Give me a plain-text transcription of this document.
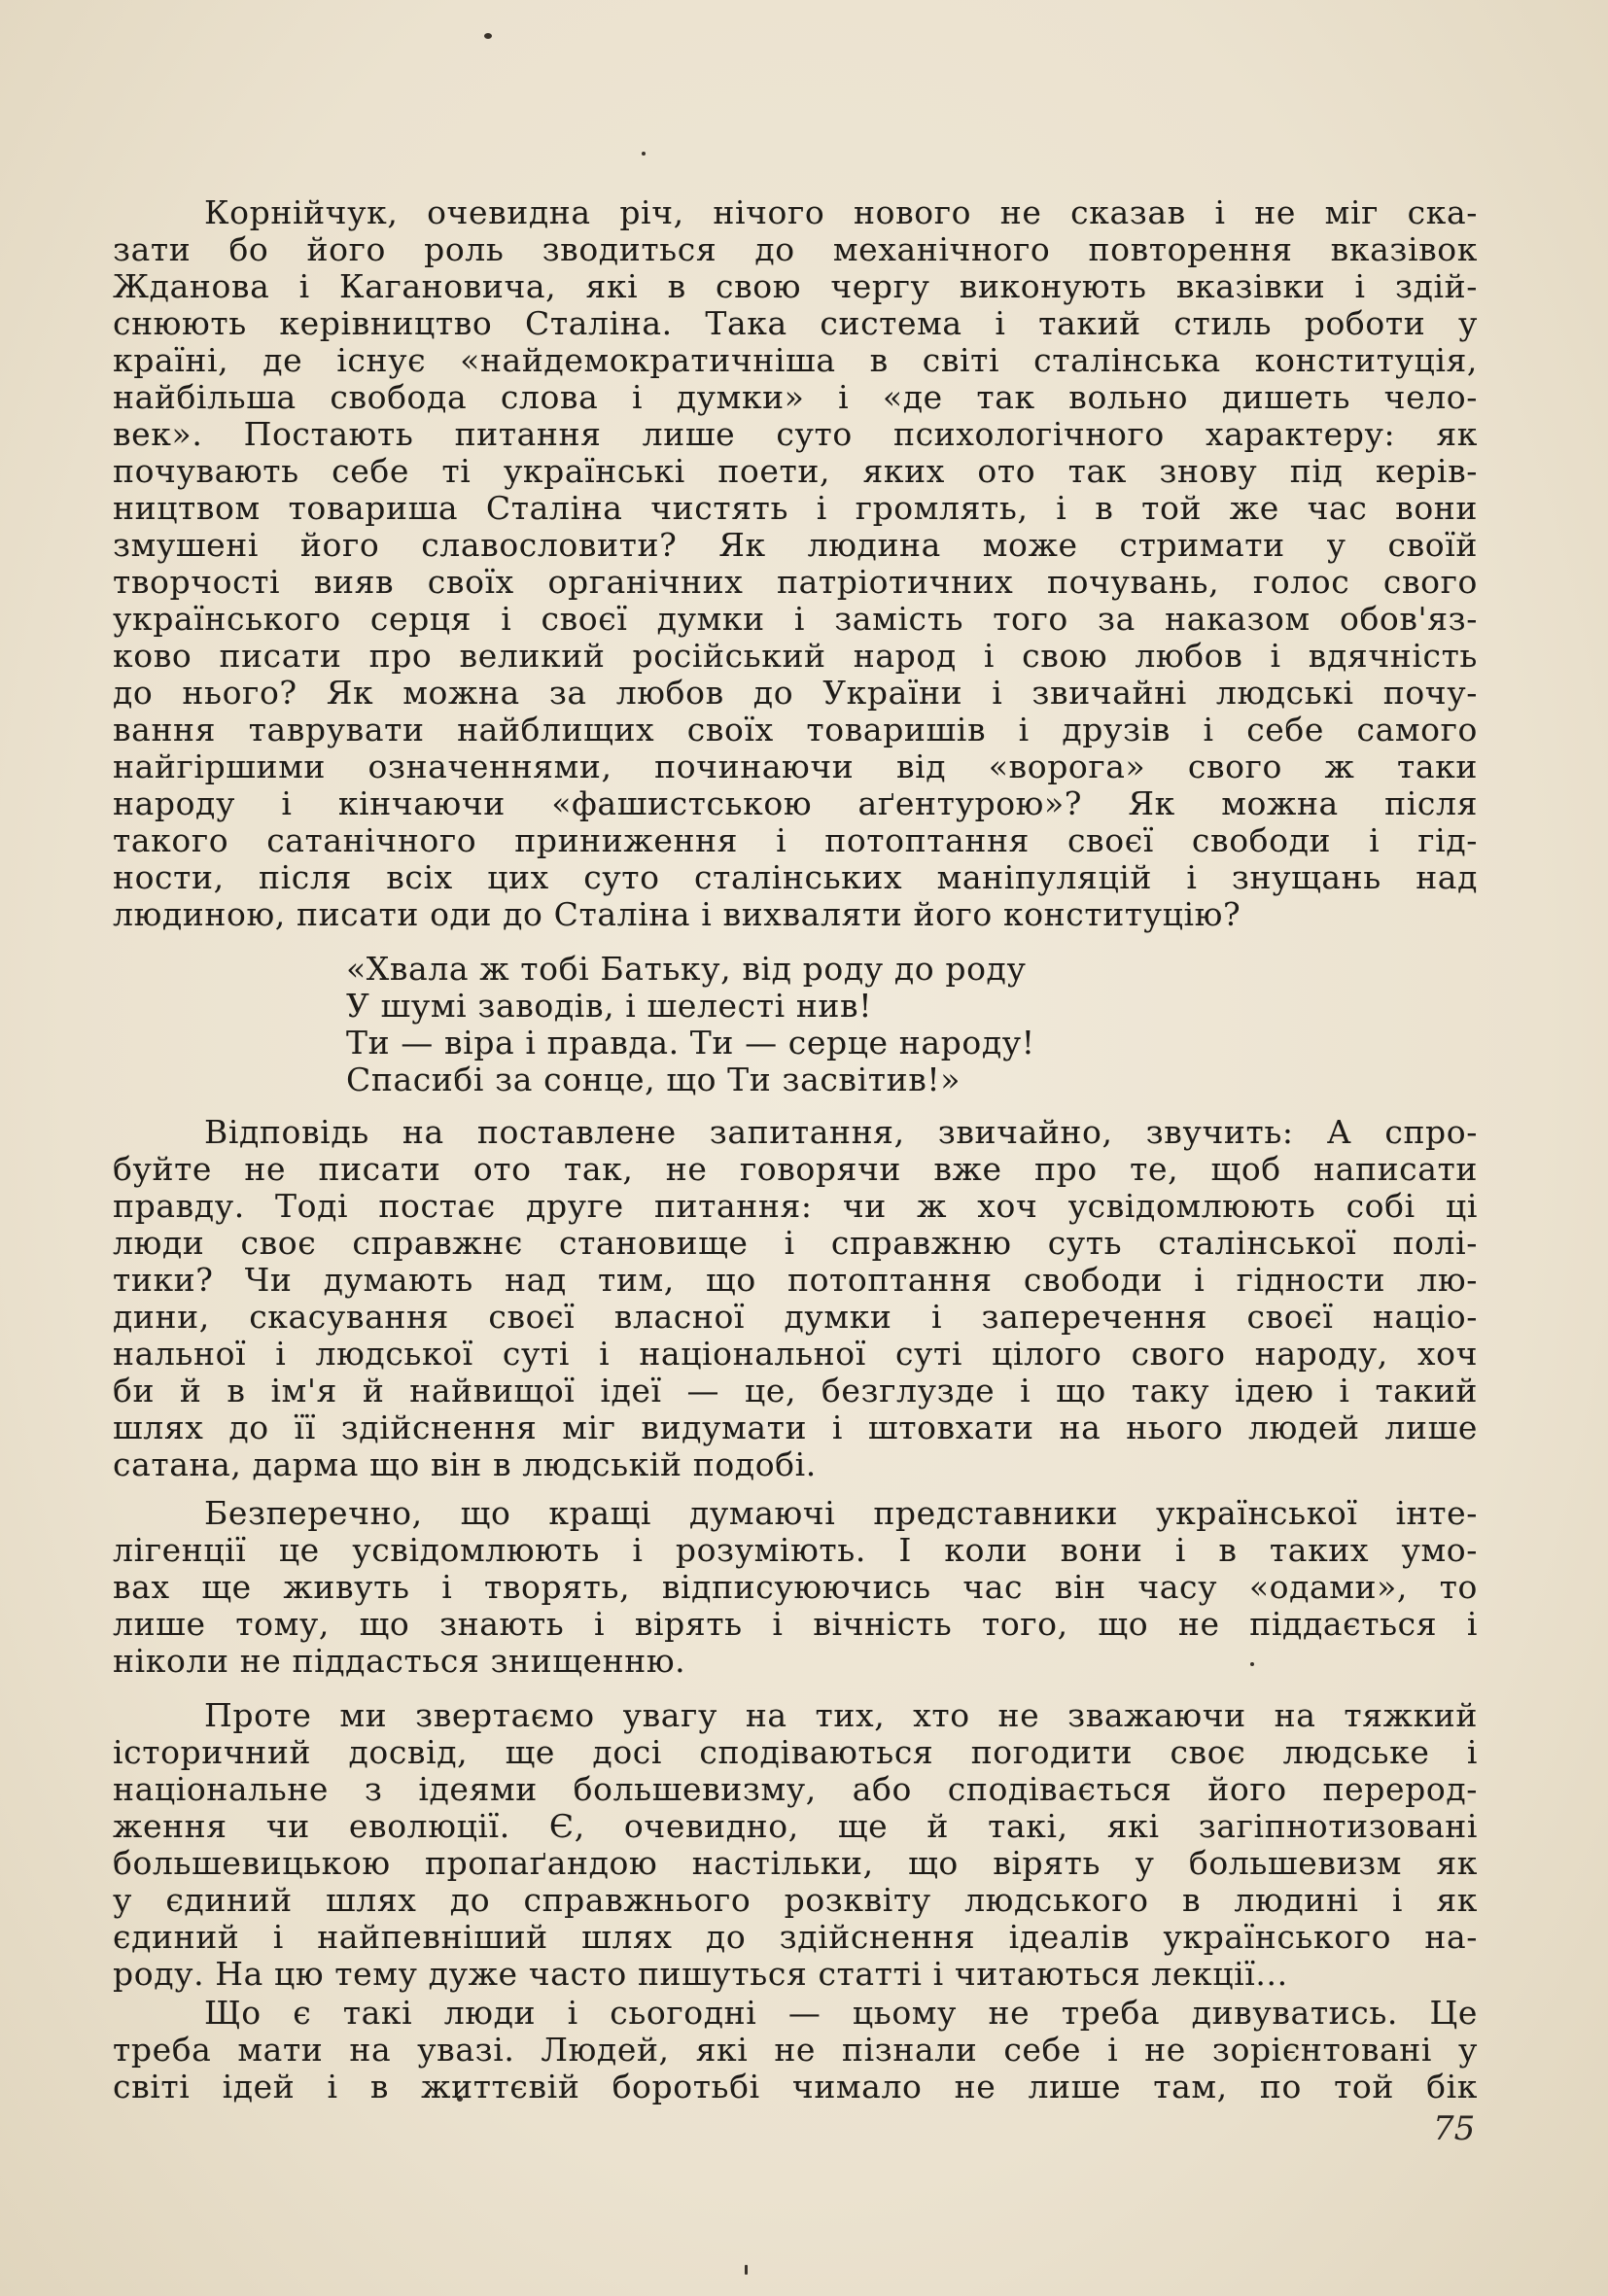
Корнійчук, очевидна річ, нічого нового не сказав і не міг ска-
зати бо його роль зводиться до механічного повторення вказівок
Жданова і Кагановича, які в свою чергу виконують вказівки і здій-
снюють керівництво Сталіна. Така система і такий стиль роботи у
країні, де існує «найдемократичніша в світі сталінська конституція,
найбільша свобода слова і думки» і «де так вольно дишеть чело-
век». Постають питання лише суто психологічного характеру: як
почувають себе ті українські поети, яких ото так знову під керів-
ництвом товариша Сталіна чистять і громлять, і в той же час вони
змушені його славословити? Як людина може стримати у своїй
творчості вияв своїх органічних патріотичних почувань, голос свого
українського серця і своєї думки і замість того за наказом обов'яз-
ково писати про великий російський народ і свою любов і вдячність
до нього? Як можна за любов до України і звичайні людські почу-
вання таврувати найблищих своїх товаришів і друзів і себе самого
найгіршими означеннями, починаючи від «ворога» свого ж таки
народу і кінчаючи «фашистською аґентурою»? Як можна після
такого сатанічного приниження і потоптання своєї свободи і гід-
ности, після всіх цих суто сталінських маніпуляцій і знущань над
людиною, писати оди до Сталіна і вихваляти його конституцію?

«Хвала ж тобі Батьку, від роду до роду
У шумі заводів, і шелесті нив!
Ти — віра і правда. Ти — серце народу!
Спасибі за сонце, що Ти засвітив!»

Відповідь на поставлене запитання, звичайно, звучить: А спро-
буйте не писати ото так, не говорячи вже про те, щоб написати
правду. Тоді постає друге питання: чи ж хоч усвідомлюють собі ці
люди своє справжнє становище і справжню суть сталінської полі-
тики? Чи думають над тим, що потоптання свободи і гідности лю-
дини, скасування своєї власної думки і заперечення своєї націо-
нальної і людської суті і національної суті цілого свого народу, хоч
би й в ім'я й найвищої ідеї — це, безглузде і що таку ідею і такий
шлях до її здійснення міг видумати і штовхати на нього людей лише
сатана, дарма що він в людській подобі.

Безперечно, що кращі думаючі представники української інте-
лігенції це усвідомлюють і розуміють. І коли вони і в таких умо-
вах ще живуть і творять, відписуюючись час він часу «одами», то
лише тому, що знають і вірять і вічність того, що не піддається і
ніколи не піддасться знищенню.

Проте ми звертаємо увагу на тих, хто не зважаючи на тяжкий
історичний досвід, ще досі сподіваються погодити своє людське і
національне з ідеями большевизму, або сподівається його перерод-
ження чи еволюції. Є, очевидно, ще й такі, які загіпнотизовані
большевицькою пропаґандою настільки, що вірять у большевизм як
у єдиний шлях до справжнього розквіту людського в людині і як
єдиний і найпевніший шлях до здійснення ідеалів українського на-
роду. На цю тему дуже часто пишуться статті і читаються лекції...

Що є такі люди і сьогодні — цьому не треба дивуватись. Це
треба мати на увазі. Людей, які не пізнали себе і не зорієнтовані у
світі ідей і в життєвій боротьбі чимало не лише там, по той бік

75
